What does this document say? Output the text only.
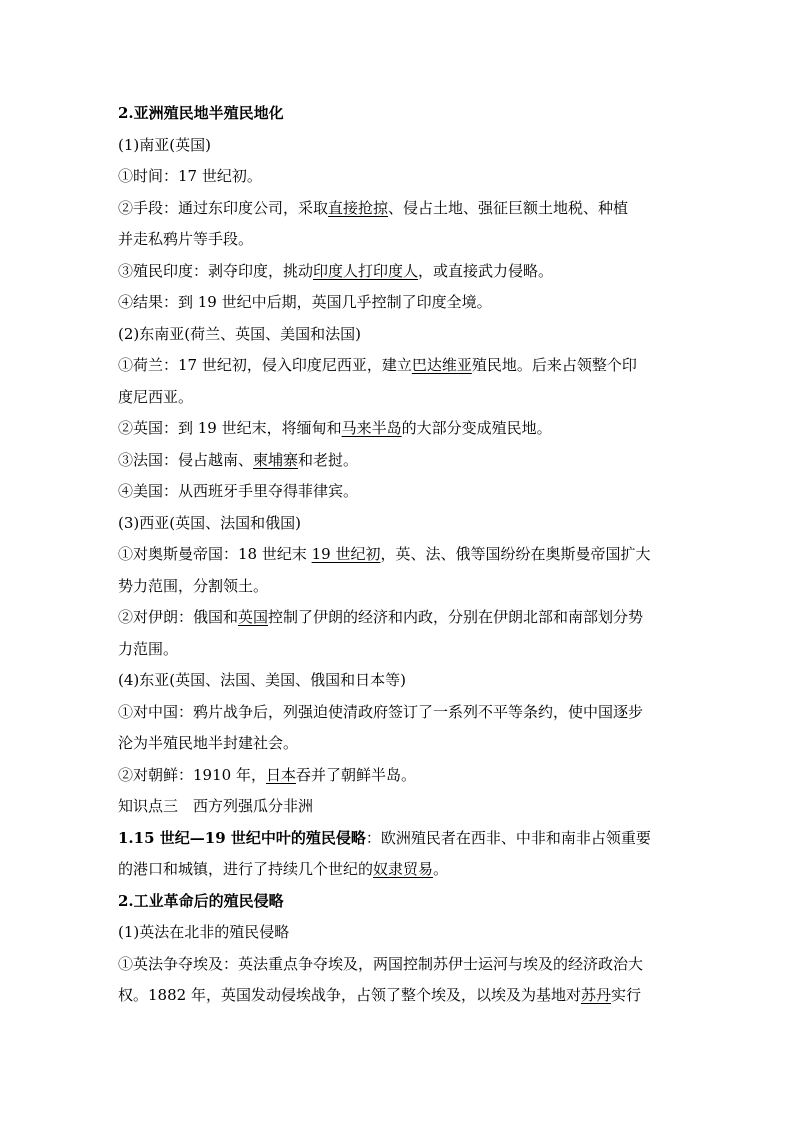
2.亚洲殖民地半殖民地化
(1)南亚(英国)
①时间：17 世纪初。
②手段：通过东印度公司，采取直接抢掠、侵占土地、强征巨额土地税、种植
并走私鸦片等手段。
③殖民印度：剥夺印度，挑动印度人打印度人，或直接武力侵略。
④结果：到 19 世纪中后期，英国几乎控制了印度全境。
(2)东南亚(荷兰、英国、美国和法国)
①荷兰：17 世纪初，侵入印度尼西亚，建立巴达维亚殖民地。后来占领整个印
度尼西亚。
②英国：到 19 世纪末，将缅甸和马来半岛的大部分变成殖民地。
③法国：侵占越南、柬埔寨和老挝。
④美国：从西班牙手里夺得菲律宾。
(3)西亚(英国、法国和俄国)
①对奥斯曼帝国：18 世纪末 19 世纪初，英、法、俄等国纷纷在奥斯曼帝国扩大
势力范围，分割领土。
②对伊朗：俄国和英国控制了伊朗的经济和内政，分别在伊朗北部和南部划分势
力范围。
(4)东亚(英国、法国、美国、俄国和日本等)
①对中国：鸦片战争后，列强迫使清政府签订了一系列不平等条约，使中国逐步
沦为半殖民地半封建社会。
②对朝鲜：1910 年，日本吞并了朝鲜半岛。
知识点三　西方列强瓜分非洲
1.15 世纪—19 世纪中叶的殖民侵略：欧洲殖民者在西非、中非和南非占领重要
的港口和城镇，进行了持续几个世纪的奴隶贸易。
2.工业革命后的殖民侵略
(1)英法在北非的殖民侵略
①英法争夺埃及：英法重点争夺埃及，两国控制苏伊士运河与埃及的经济政治大
权。1882 年，英国发动侵埃战争，占领了整个埃及，以埃及为基地对苏丹实行
